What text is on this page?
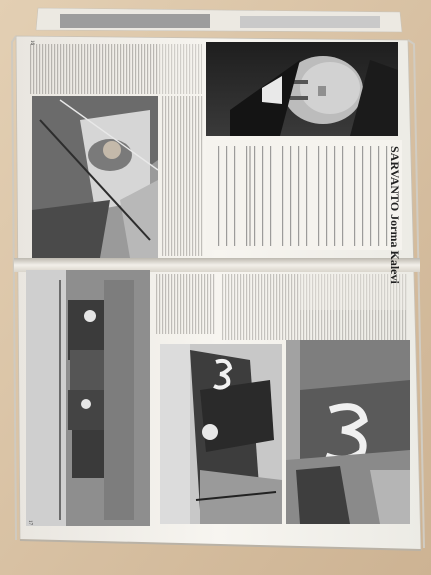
SARVANTO Jorma Kalevi
16
17
